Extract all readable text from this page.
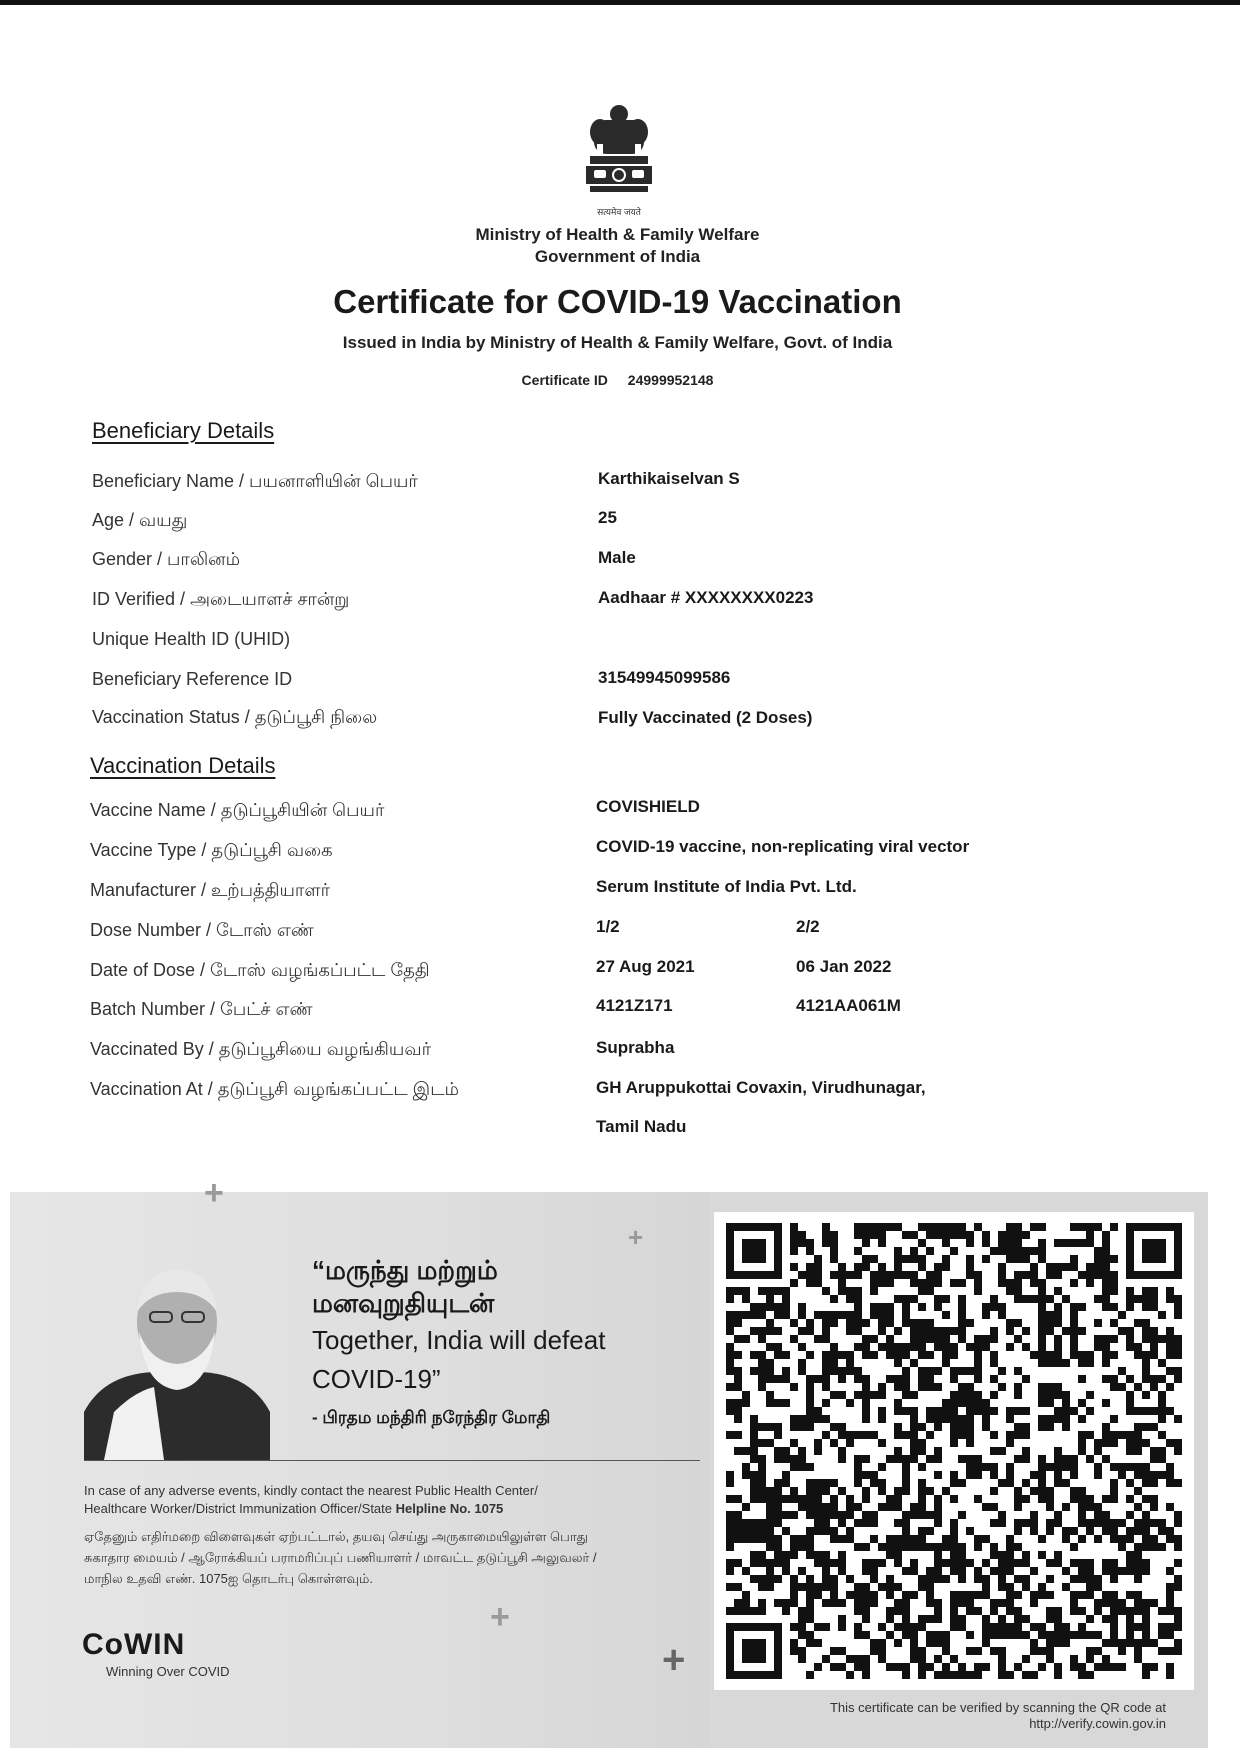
सत्यमेव जयते
Ministry of Health & Family Welfare
Government of India
Certificate for COVID-19 Vaccination
Issued in India by Ministry of Health & Family Welfare, Govt. of India
Certificate ID 24999952148
Beneficiary Details
Beneficiary Name / பயனாளியின் பெயர்	Karthikaiselvan S
Age / வயது	25
Gender / பாலினம்	Male
ID Verified / அடையாளச் சான்று	Aadhaar # XXXXXXXX0223
Unique Health ID (UHID)
Beneficiary Reference ID	31549945099586
Vaccination Status / தடுப்பூசி நிலை	Fully Vaccinated (2 Doses)
Vaccination Details
Vaccine Name / தடுப்பூசியின் பெயர்	COVISHIELD
Vaccine Type / தடுப்பூசி வகை	COVID-19 vaccine, non-replicating viral vector
Manufacturer / உற்பத்தியாளர்	Serum Institute of India Pvt. Ltd.
Dose Number / டோஸ் எண்	1/2	2/2
Date of Dose / டோஸ் வழங்கப்பட்ட தேதி	27 Aug 2021	06 Jan 2022
Batch Number / பேட்ச் எண்	4121Z171	4121AA061M
Vaccinated By / தடுப்பூசியை வழங்கியவர்	Suprabha
Vaccination At / தடுப்பூசி வழங்கப்பட்ட இடம்	GH Aruppukottai Covaxin, Virudhunagar,
Tamil Nadu
+
+
+
+
“மருந்து மற்றும்
மனவுறுதியுடன்
Together, India will defeat
COVID-19”
- பிரதம மந்திரி நரேந்திர மோதி
In case of any adverse events, kindly contact the nearest Public Health Center/
Healthcare Worker/District Immunization Officer/State Helpline No. 1075
ஏதேனும் எதிர்மறை விளைவுகள் ஏற்பட்டால், தயவு செய்து அருகாமையிலுள்ள பொது
சுகாதார மையம் / ஆரோக்கியப் பராமரிப்புப் பணியாளர் / மாவட்ட தடுப்பூசி அலுவலர் /
மாநில உதவி எண். 1075ஐ தொடர்பு கொள்ளவும்.
CoWIN
Winning Over COVID
This certificate can be verified by scanning the QR code at
http://verify.cowin.gov.in
